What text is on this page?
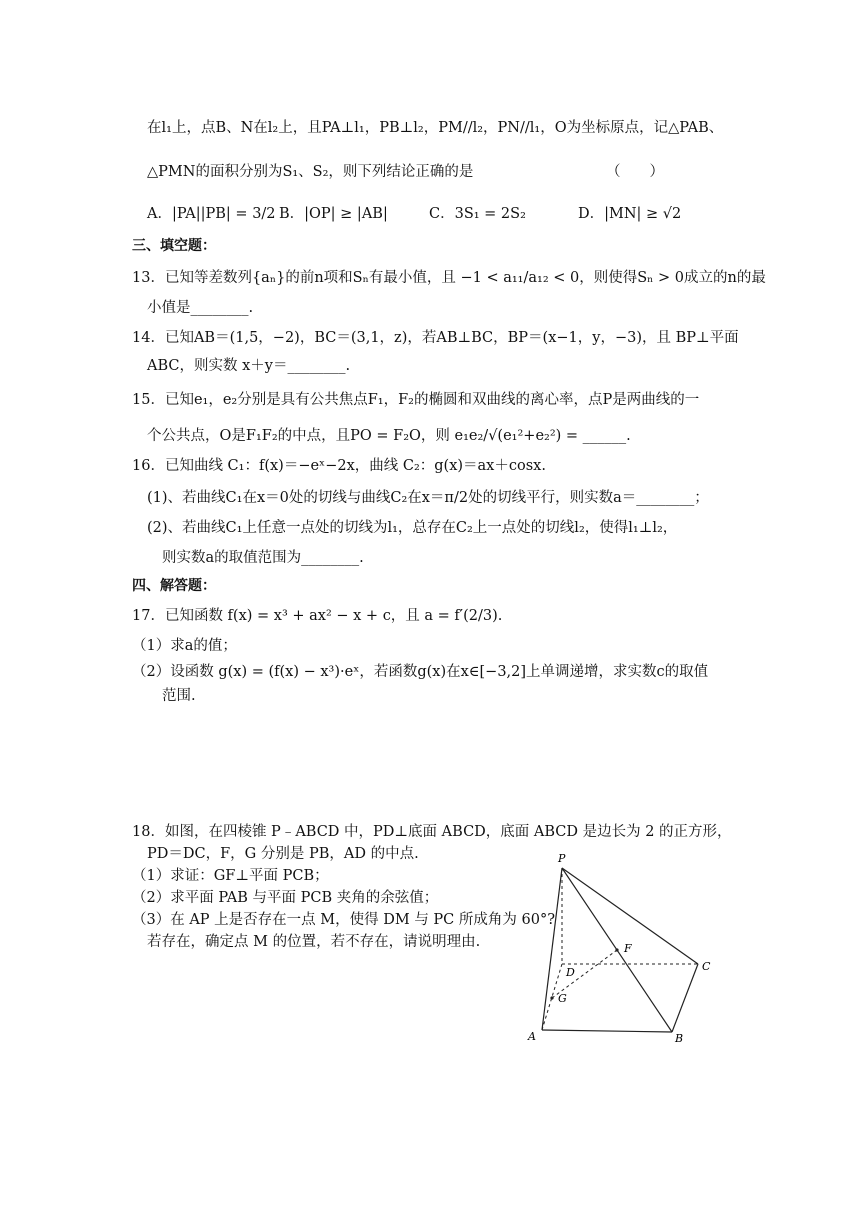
在l₁上，点B、N在l₂上，且PA⊥l₁，PB⊥l₂，PM//l₂，PN//l₁，O为坐标原点，记△PAB、
△PMN的面积分别为S₁、S₂，则下列结论正确的是	（　　）
A．|PA||PB| = 3/2 B．|OP| ≥ |AB|	C．3S₁ = 2S₂	D．|MN| ≥ √2
三、填空题：
13．已知等差数列{aₙ}的前n项和Sₙ有最小值，且 −1 < a₁₁/a₁₂ < 0，则使得Sₙ > 0成立的n的最
小值是________.
14．已知AB＝(1,5，−2)，BC＝(3,1，z)，若AB⊥BC，BP＝(x−1，y，−3)，且 BP⊥平面
ABC，则实数 x＋y＝________.
15．已知e₁，e₂分别是具有公共焦点F₁，F₂的椭圆和双曲线的离心率，点P是两曲线的一
个公共点，O是F₁F₂的中点，且PO = F₂O，则 e₁e₂/√(e₁²+e₂²) = ______.
16．已知曲线 C₁：f(x)＝−eˣ−2x，曲线 C₂：g(x)＝ax＋cosx.
(1)、若曲线C₁在x＝0处的切线与曲线C₂在x＝π/2处的切线平行，则实数a＝________；
(2)、若曲线C₁上任意一点处的切线为l₁，总存在C₂上一点处的切线l₂，使得l₁⊥l₂，
则实数a的取值范围为________.
四、解答题：
17．已知函数 f(x) = x³ + ax² − x + c，且 a = f′(2/3).
（1）求a的值；
（2）设函数 g(x) = (f(x) − x³)·eˣ，若函数g(x)在x∈[−3,2]上单调递增，求实数c的取值
范围.
18．如图，在四棱锥 P﹣ABCD 中，PD⊥底面 ABCD，底面 ABCD 是边长为 2 的正方形，
PD＝DC，F，G 分别是 PB，AD 的中点.
（1）求证：GF⊥平面 PCB；
（2）求平面 PAB 与平面 PCB 夹角的余弦值；
（3）在 AP 上是否存在一点 M，使得 DM 与 PC 所成角为 60°?
若存在，确定点 M 的位置，若不存在，请说明理由.
P
A	B
C
D
F
G
